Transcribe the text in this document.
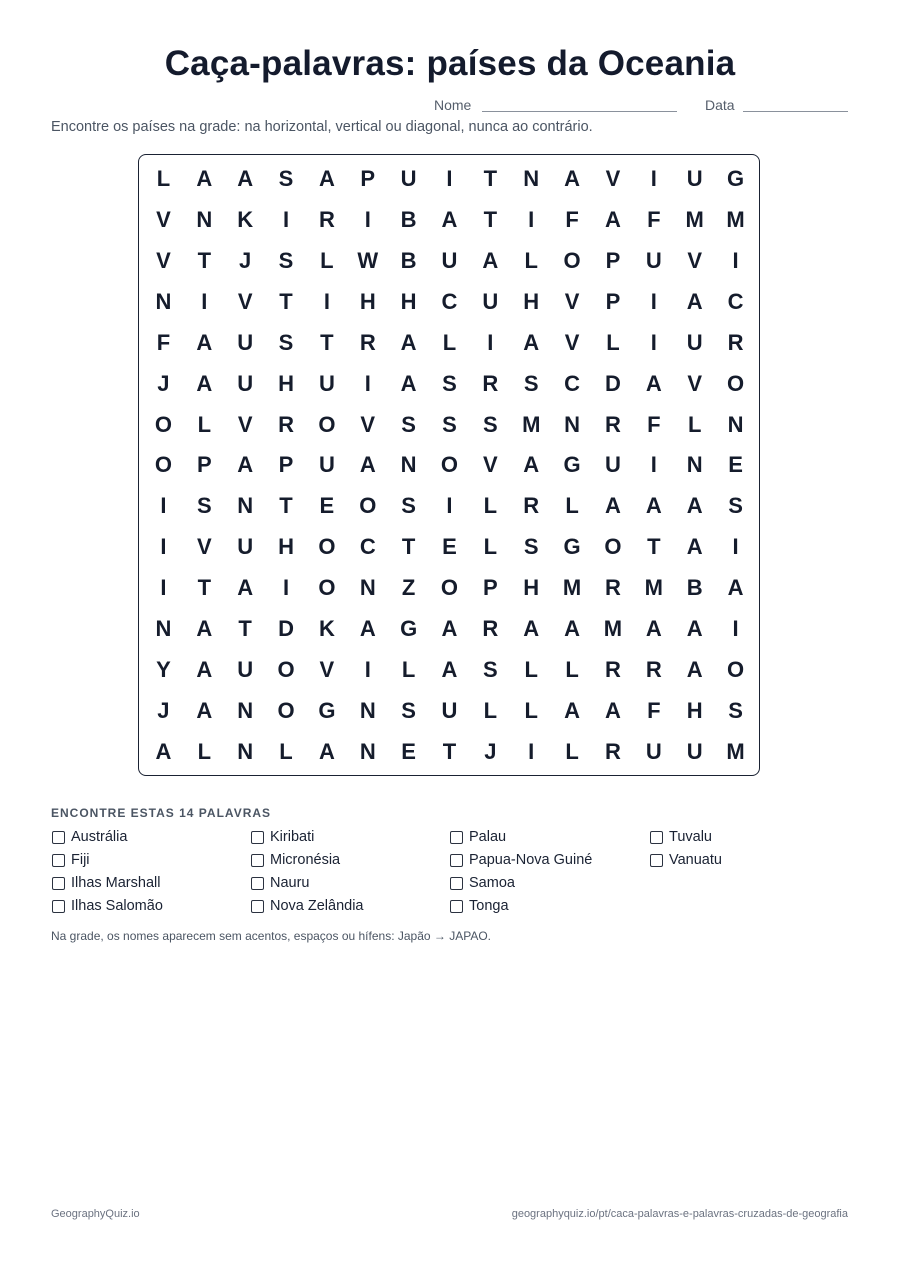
Caça-palavras: países da Oceania
Nome	Data
Encontre os países na grade: na horizontal, vertical ou diagonal, nunca ao contrário.
L	A	A	S	A	P	U	I	T	N	A	V	I	U	G
V	N	K	I	R	I	B	A	T	I	F	A	F	M	M
V	T	J	S	L	W	B	U	A	L	O	P	U	V	I
N	I	V	T	I	H	H	C	U	H	V	P	I	A	C
F	A	U	S	T	R	A	L	I	A	V	L	I	U	R
J	A	U	H	U	I	A	S	R	S	C	D	A	V	O
O	L	V	R	O	V	S	S	S	M	N	R	F	L	N
O	P	A	P	U	A	N	O	V	A	G	U	I	N	E
I	S	N	T	E	O	S	I	L	R	L	A	A	A	S
I	V	U	H	O	C	T	E	L	S	G	O	T	A	I
I	T	A	I	O	N	Z	O	P	H	M	R	M	B	A
N	A	T	D	K	A	G	A	R	A	A	M	A	A	I
Y	A	U	O	V	I	L	A	S	L	L	R	R	A	O
J	A	N	O	G	N	S	U	L	L	A	A	F	H	S
A	L	N	L	A	N	E	T	J	I	L	R	U	U	M
ENCONTRE ESTAS 14 PALAVRAS
Austrália
Fiji
Ilhas Marshall
Ilhas Salomão
Kiribati
Micronésia
Nauru
Nova Zelândia
Palau
Papua-Nova Guiné
Samoa
Tonga
Tuvalu
Vanuatu
Na grade, os nomes aparecem sem acentos, espaços ou hífens: Japão → JAPAO.
GeographyQuiz.io	geographyquiz.io/pt/caca-palavras-e-palavras-cruzadas-de-geografia
